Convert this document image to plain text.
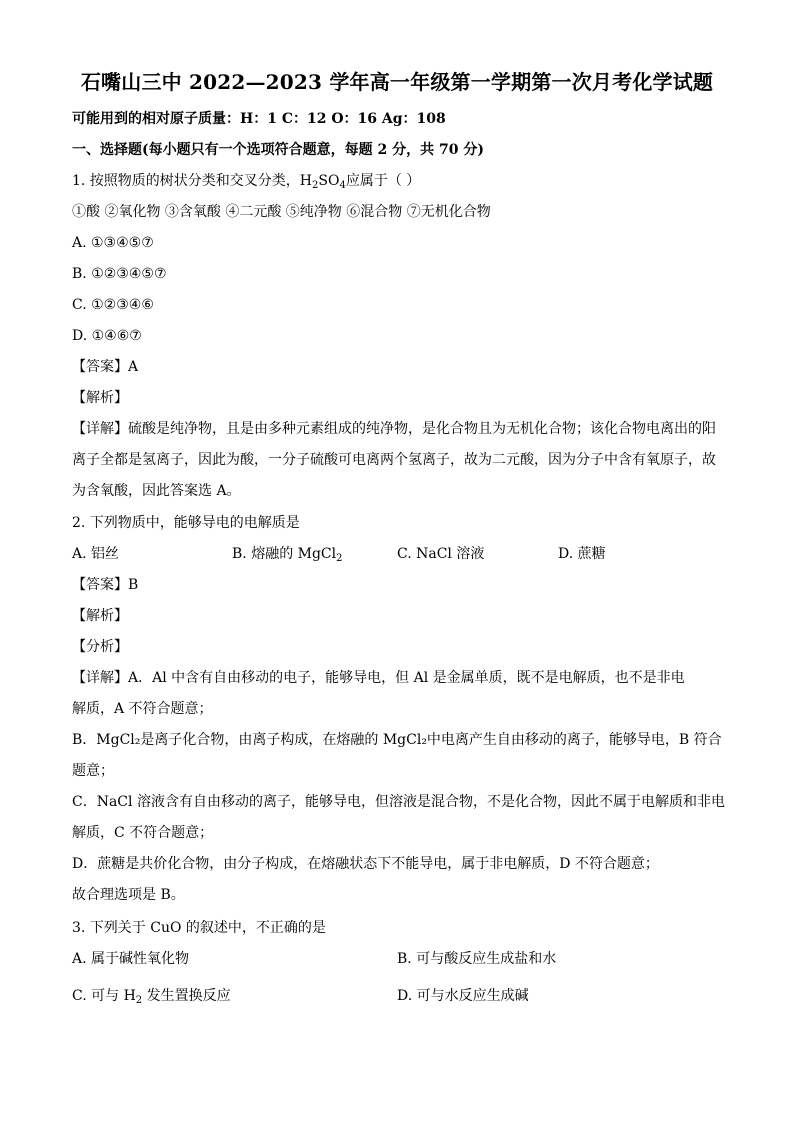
石嘴山三中 2022—2023 学年高一年级第一学期第一次月考化学试题
可能用到的相对原子质量：H：1 C：12 O：16 Ag：108
一、选择题(每小题只有一个选项符合题意，每题 2 分，共 70 分)
1. 按照物质的树状分类和交叉分类，$H_2SO_4$应属于（ ）
①酸 ②氧化物 ③含氧酸 ④二元酸 ⑤纯净物 ⑥混合物 ⑦无机化合物
A. ①③④⑤⑦
B. ①②③④⑤⑦
C. ①②③④⑥
D. ①④⑥⑦
【答案】A
【解析】
【详解】硫酸是纯净物，且是由多种元素组成的纯净物，是化合物且为无机化合物；该化合物电离出的阳
离子全都是氢离子，因此为酸，一分子硫酸可电离两个氢离子，故为二元酸，因为分子中含有氧原子，故
为含氧酸，因此答案选 A。
2. 下列物质中，能够导电的电解质是
A. 铝丝	B. 熔融的 MgCl$_2$	C. NaCl 溶液	D. 蔗糖
【答案】B
【解析】
【分析】
【详解】A．Al 中含有自由移动的电子，能够导电，但 Al 是金属单质，既不是电解质，也不是非电
解质，A 不符合题意；
B．MgCl₂是离子化合物，由离子构成，在熔融的 MgCl₂中电离产生自由移动的离子，能够导电，B 符合
题意；
C．NaCl 溶液含有自由移动的离子，能够导电，但溶液是混合物，不是化合物，因此不属于电解质和非电
解质，C 不符合题意；
D．蔗糖是共价化合物，由分子构成，在熔融状态下不能导电，属于非电解质，D 不符合题意；
故合理选项是 B。
3. 下列关于 CuO 的叙述中，不正确的是
A. 属于碱性氧化物	B. 可与酸反应生成盐和水
C. 可与 $H_2$ 发生置换反应	D. 可与水反应生成碱
